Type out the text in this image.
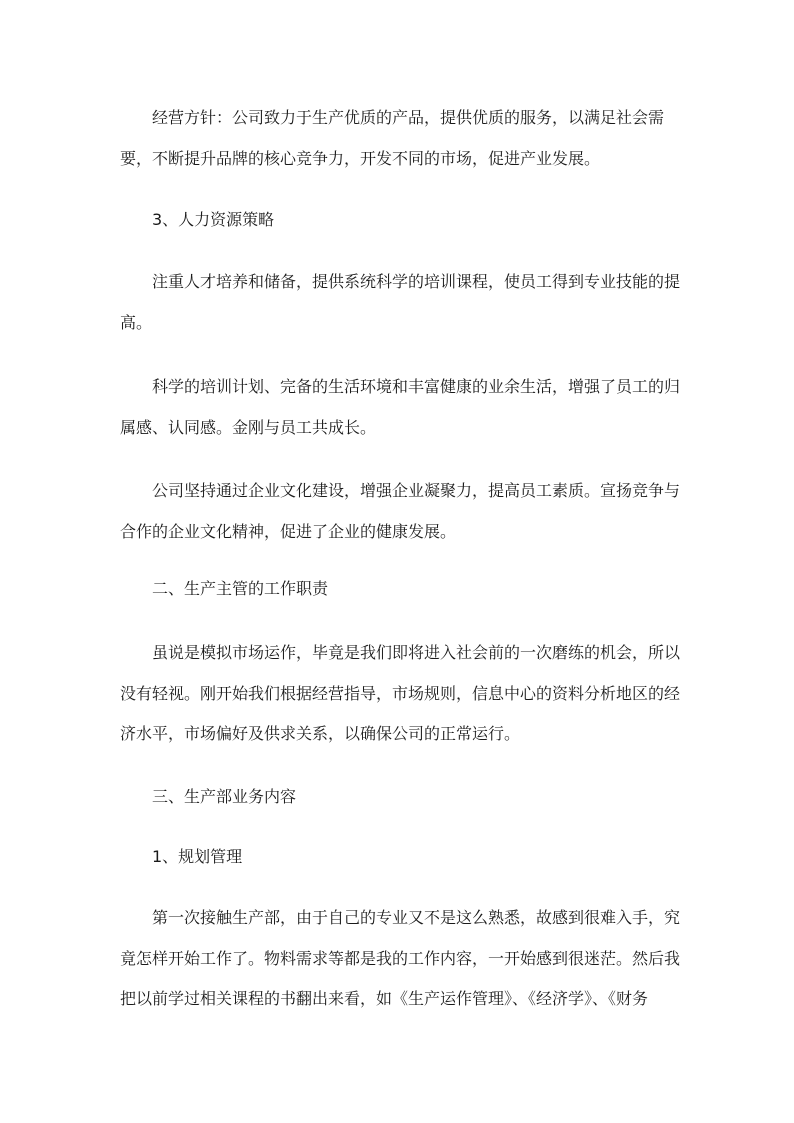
经营方针：公司致力于生产优质的产品，提供优质的服务，以满足社会需要，不断提升品牌的核心竞争力，开发不同的市场，促进产业发展。

3、人力资源策略

注重人才培养和储备，提供系统科学的培训课程，使员工得到专业技能的提高。

科学的培训计划、完备的生活环境和丰富健康的业余生活，增强了员工的归属感、认同感。金刚与员工共成长。

公司坚持通过企业文化建设，增强企业凝聚力，提高员工素质。宣扬竞争与合作的企业文化精神，促进了企业的健康发展。

二、生产主管的工作职责

虽说是模拟市场运作，毕竟是我们即将进入社会前的一次磨练的机会，所以没有轻视。刚开始我们根据经营指导，市场规则，信息中心的资料分析地区的经济水平，市场偏好及供求关系，以确保公司的正常运行。

三、生产部业务内容

1、规划管理

第一次接触生产部，由于自己的专业又不是这么熟悉，故感到很难入手，究竟怎样开始工作了。物料需求等都是我的工作内容，一开始感到很迷茫。然后我把以前学过相关课程的书翻出来看，如《生产运作管理》、《经济学》、《财务
